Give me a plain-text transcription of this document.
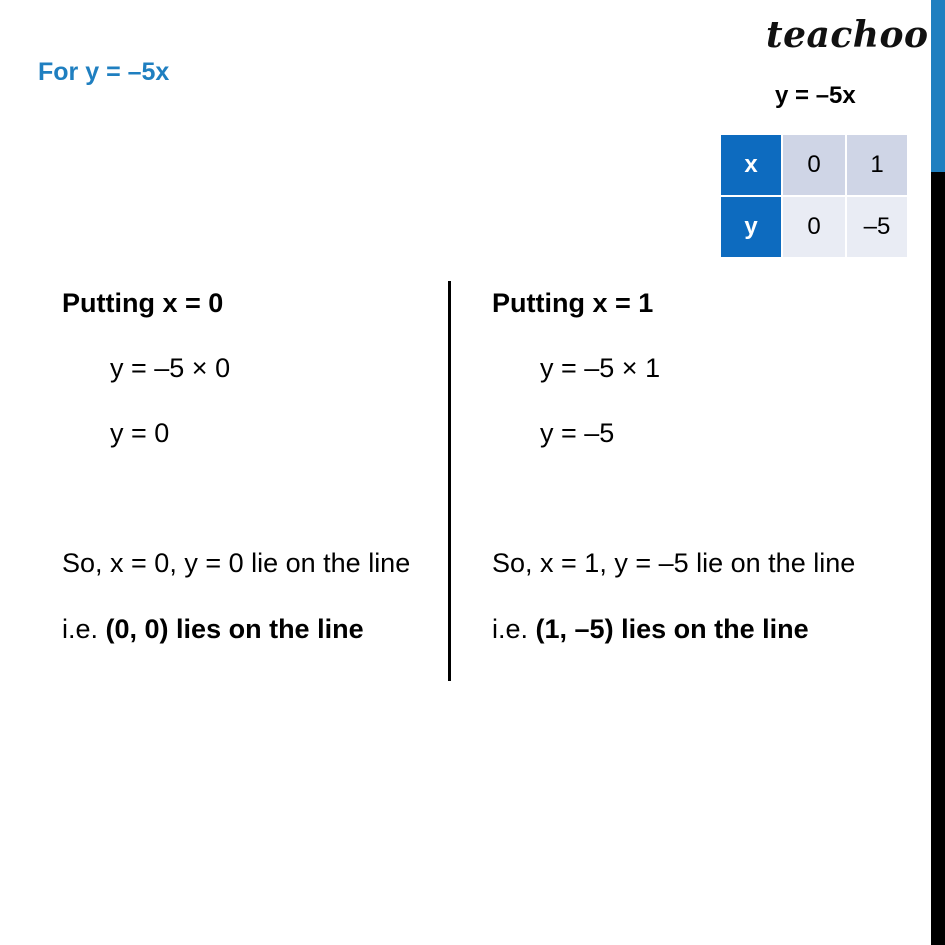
For y = –5x
teachoo
y = –5x
x	0	1
y	0	–5
Putting x = 0
y = –5 × 0
y = 0
So, x = 0, y = 0 lie on the line
i.e. (0, 0) lies on the line
Putting x = 1
y = –5 × 1
y = –5
So, x = 1, y = –5 lie on the line
i.e. (1, –5) lies on the line
